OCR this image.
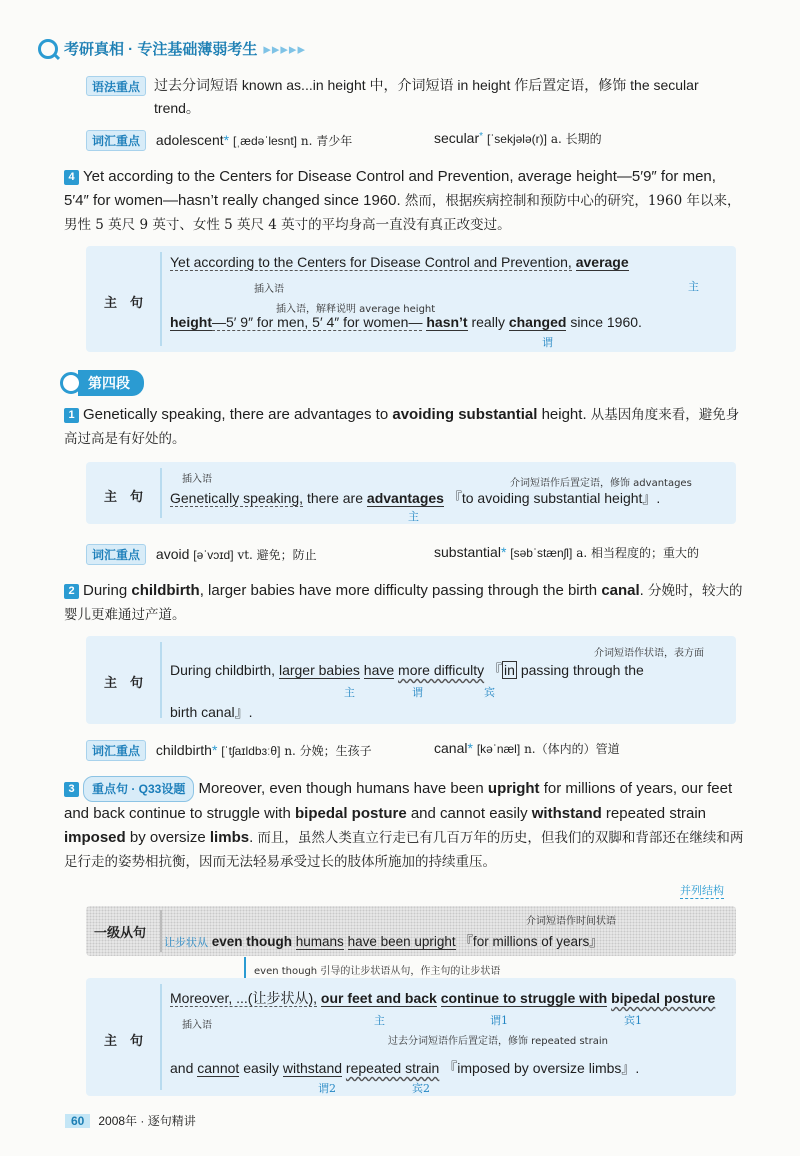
考研真相 · 专注基础薄弱考生 ▸▸▸▸▸
语法重点	过去分词短语 known as...in height 中，介词短语 in height 作后置定语，修饰 the secular trend。
词汇重点 adolescent* [ˌædəˈlesnt] n. 青少年	secular* [ˈsekjələ(r)] a. 长期的
4 Yet according to the Centers for Disease Control and Prevention, average height—5′9″ for men, 5′4″ for women—hasn’t really changed since 1960. 然而，根据疾病控制和预防中心的研究，1960 年以来，男性 5 英尺 9 英寸、女性 5 英尺 4 英寸的平均身高一直没有真正改变过。
主　句
Yet according to the Centers for Disease Control and Prevention, average
插入语	主
插入语，解释说明 average height
height—5′ 9″ for men, 5′ 4″ for women— hasn’t really changed since 1960.
谓
第四段
1 Genetically speaking, there are advantages to avoiding substantial height. 从基因角度来看，避免身高过高是有好处的。
主　句
插入语	介词短语作后置定语，修饰 advantages
Genetically speaking, there are advantages 『to avoiding substantial height』.
主
词汇重点 avoid [əˈvɔɪd] vt. 避免；防止	substantial* [səbˈstænʃl] a. 相当程度的；重大的
2 During childbirth, larger babies have more difficulty passing through the birth canal. 分娩时，较大的婴儿更难通过产道。
主　句
介词短语作状语，表方面
During childbirth, larger babies have more difficulty 『 in passing through the
主	谓	宾
birth canal』.
词汇重点 childbirth* [ˈtʃaɪldbɜːθ] n. 分娩；生孩子	canal* [kəˈnæl] n.（体内的）管道
3 重点句 · Q33设题 Moreover, even though humans have been upright for millions of years, our feet and back continue to struggle with bipedal posture and cannot easily withstand repeated strain imposed by oversize limbs. 而且，虽然人类直立行走已有几百万年的历史，但我们的双脚和背部还在继续和两足行走的姿势相抗衡，因而无法轻易承受过长的肢体所施加的持续重压。
并列结构
一级从句
介词短语作时间状语
让步状从 even though humans have been upright 『for millions of years』
even though 引导的让步状语从句，作主句的让步状语
主　句
Moreover, ...(让步状从), our feet and back continue to struggle with bipedal posture
插入语	主	谓1	宾1
过去分词短语作后置定语，修饰 repeated strain
and cannot easily withstand repeated strain 『imposed by oversize limbs』.
谓2	宾2
60	2008年 · 逐句精讲
